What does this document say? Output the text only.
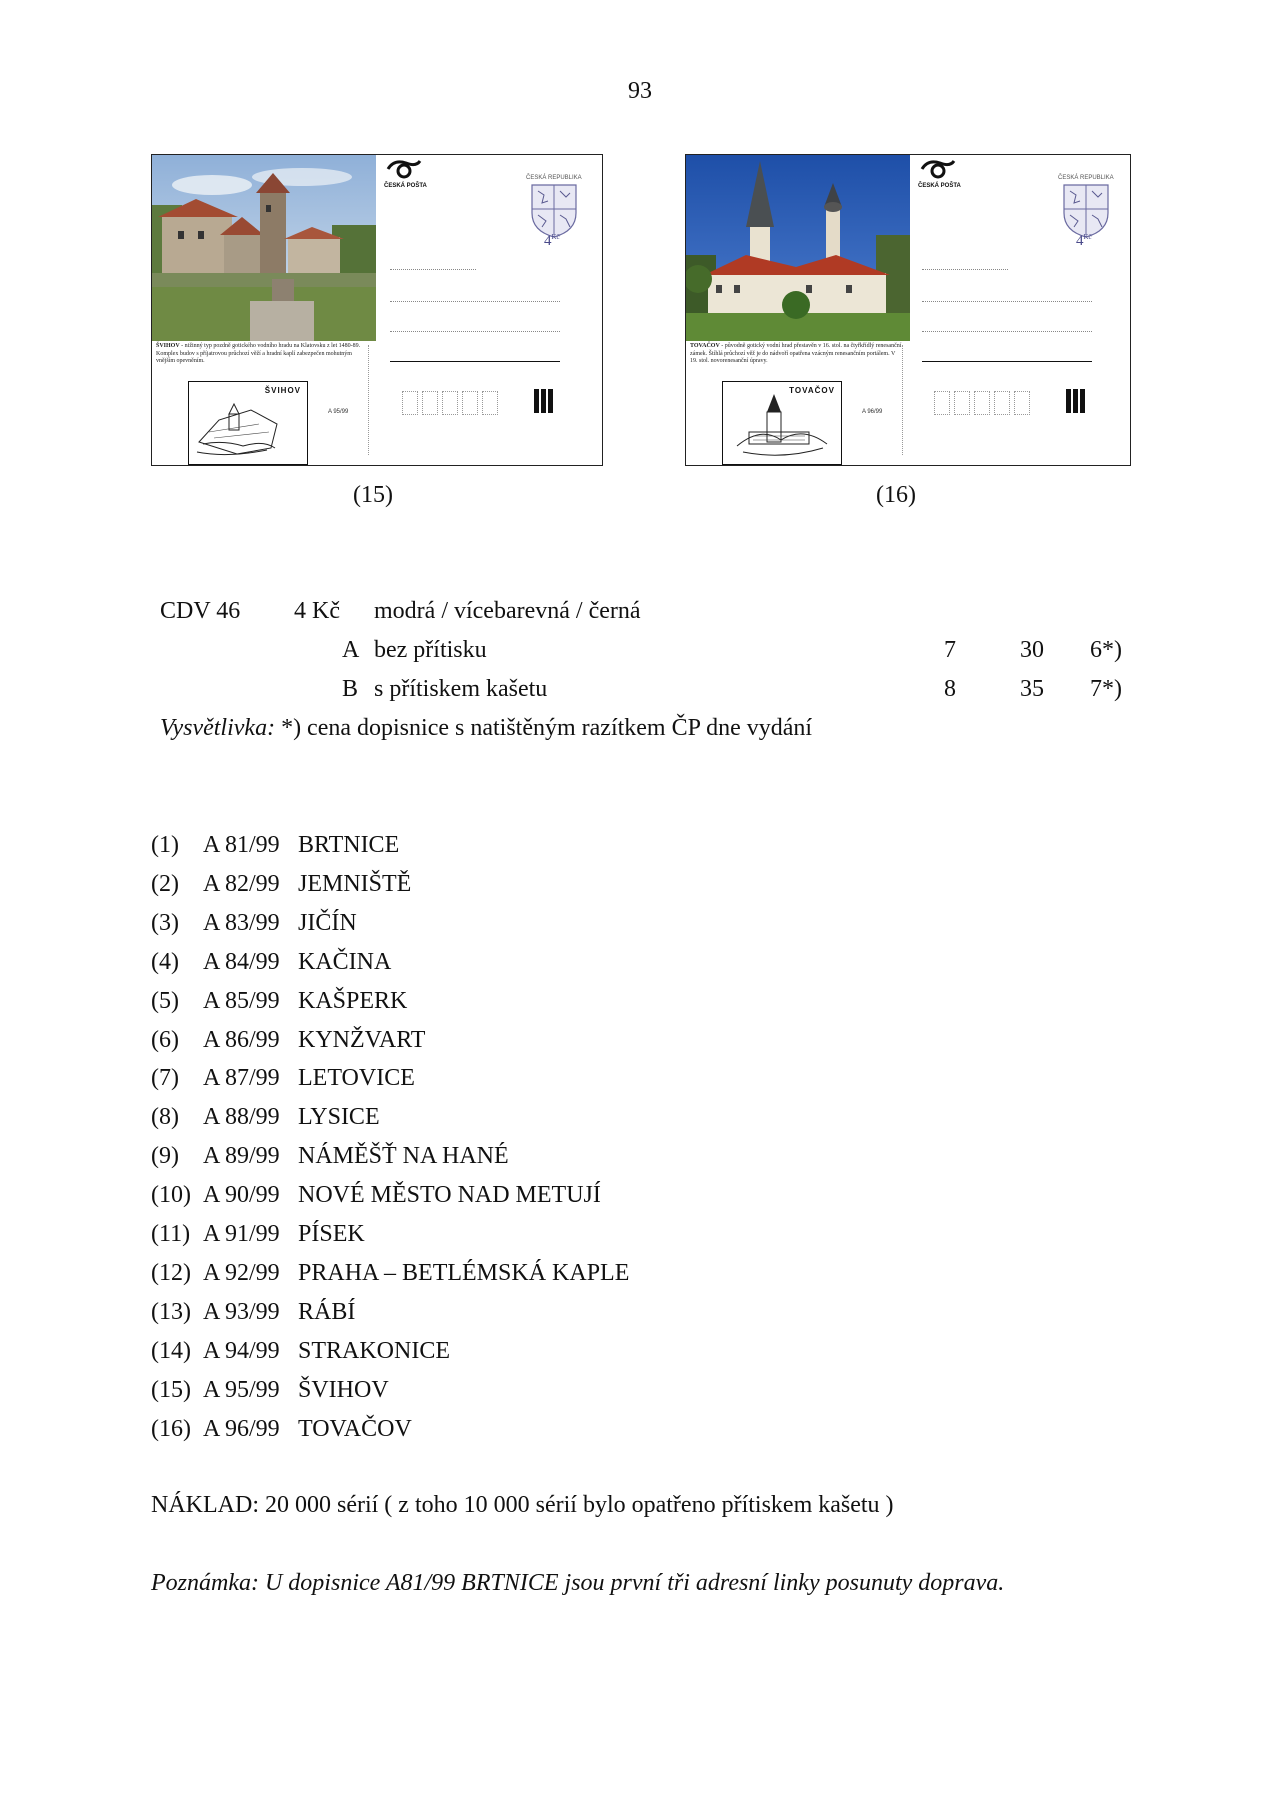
93
ŠVIHOV - nižinný typ pozdně gotického vodního hradu na Klatovsku z let 1480-89. Komplex budov s příjatrovou průchozí věží a hradní kaplí zabezpečen mohutným vnějším opevněním.
ŠVIHOV
A 95/99
ČESKÁ POŠTA
ČESKÁ REPUBLIKA
$4^{Kč}$
TOVAČOV - původně gotický vodní hrad přestavěn v 16. stol. na čtyřkřídlý renesanční zámek. Štíhlá průchozí věž je do nádvoří opatřena vzácným renesančním portálem. V 19. stol. novorenesanční úpravy.
TOVAČOV
A 96/99
ČESKÁ POŠTA
ČESKÁ REPUBLIKA
$4^{Kč}$
(15)	(16)
CDV 46 4 Kč modrá / vícebarevná / černá
A bez přítisku	7	30 6*)
B s přítiskem kašetu	8	35 7*)
Vysvětlivka: *) cena dopisnice s natištěným razítkem ČP dne vydání
(1) A 81/99 BRTNICE
(2) A 82/99 JEMNIŠTĚ
(3) A 83/99 JIČÍN
(4) A 84/99 KAČINA
(5) A 85/99 KAŠPERK
(6) A 86/99 KYNŽVART
(7) A 87/99 LETOVICE
(8) A 88/99 LYSICE
(9) A 89/99 NÁMĚŠŤ NA HANÉ
(10) A 90/99 NOVÉ MĚSTO NAD METUJÍ
(11) A 91/99 PÍSEK
(12) A 92/99 PRAHA – BETLÉMSKÁ KAPLE
(13) A 93/99 RÁBÍ
(14) A 94/99 STRAKONICE
(15) A 95/99 ŠVIHOV
(16) A 96/99 TOVAČOV
NÁKLAD: 20 000 sérií ( z toho 10 000 sérií bylo opatřeno přítiskem kašetu )
Poznámka: U dopisnice A81/99 BRTNICE jsou první tři adresní linky posunuty doprava.
